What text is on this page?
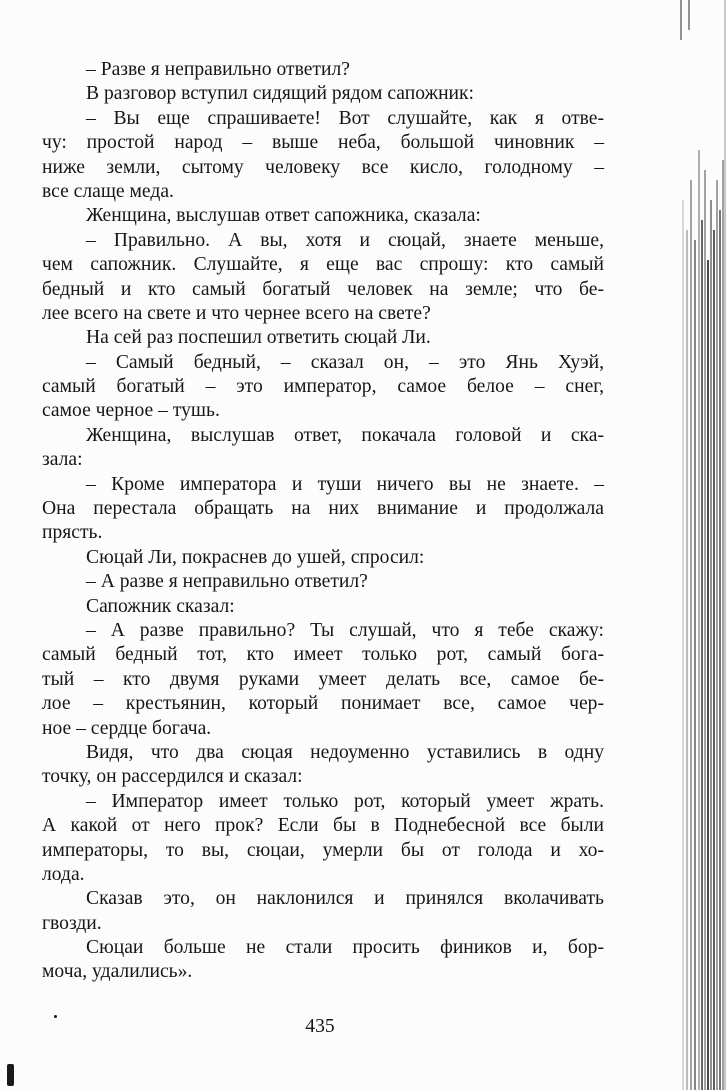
– Разве я неправильно ответил?
В разговор вступил сидящий рядом сапожник:
– Вы еще спрашиваете! Вот слушайте, как я отве-
чу: простой народ – выше неба, большой чиновник –
ниже земли, сытому человеку все кисло, голодному –
все слаще меда.
Женщина, выслушав ответ сапожника, сказала:
– Правильно. А вы, хотя и сюцай, знаете меньше,
чем сапожник. Слушайте, я еще вас спрошу: кто самый
бедный и кто самый богатый человек на земле; что бе-
лее всего на свете и что чернее всего на свете?
На сей раз поспешил ответить сюцай Ли.
– Самый бедный, – сказал он, – это Янь Хуэй,
самый богатый – это император, самое белое – снег,
самое черное – тушь.
Женщина, выслушав ответ, покачала головой и ска-
зала:
– Кроме императора и туши ничего вы не знаете. –
Она перестала обращать на них внимание и продолжала
прясть.
Сюцай Ли, покраснев до ушей, спросил:
– А разве я неправильно ответил?
Сапожник сказал:
– А разве правильно? Ты слушай, что я тебе скажу:
самый бедный тот, кто имеет только рот, самый бога-
тый – кто двумя руками умеет делать все, самое бе-
лое – крестьянин, который понимает все, самое чер-
ное – сердце богача.
Видя, что два сюцая недоуменно уставились в одну
точку, он рассердился и сказал:
– Император имеет только рот, который умеет жрать.
А какой от него прок? Если бы в Поднебесной все были
императоры, то вы, сюцаи, умерли бы от голода и хо-
лода.
Сказав это, он наклонился и принялся вколачивать
гвозди.
Сюцаи больше не стали просить фиников и, бор-
моча, удалились».
435
